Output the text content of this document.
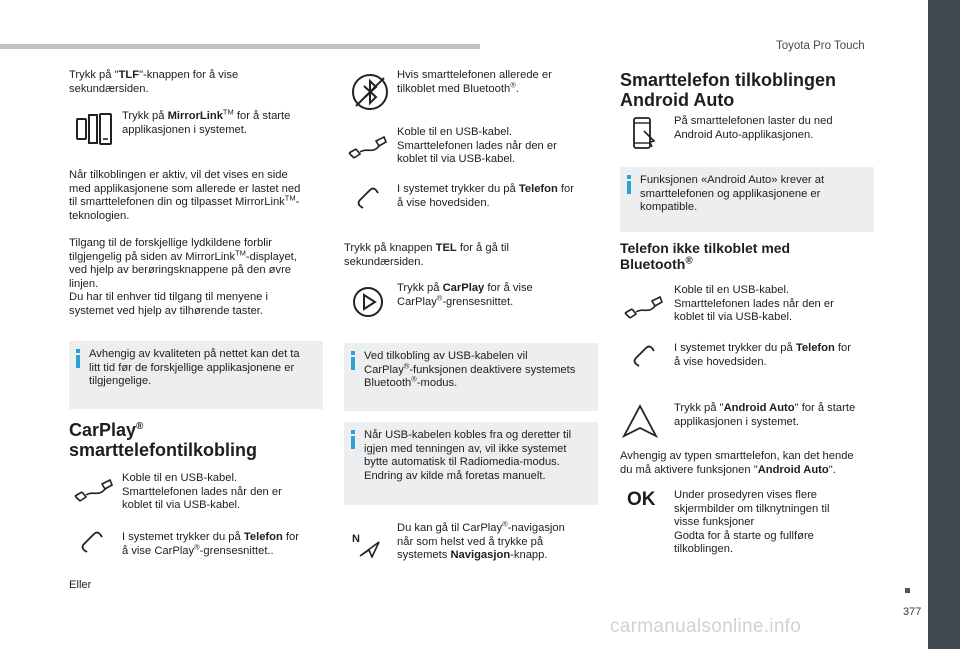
Toyota Pro Touch
377
carmanualsonline.info
Trykk på "TLF"-knappen for å vise
sekundærsiden.
Trykk på MirrorLink™ for å starte
applikasjonen i systemet.
Når tilkoblingen er aktiv, vil det vises en side
med applikasjonene som allerede er lastet ned
til smarttelefonen din og tilpasset MirrorLink™-
teknologien.
Tilgang til de forskjellige lydkildene forblir
tilgjengelig på siden av MirrorLink™-displayet,
ved hjelp av berøringsknappene på den øvre
linjen.
Du har til enhver tid tilgang til menyene i
systemet ved hjelp av tilhørende taster.
Avhengig av kvaliteten på nettet kan det ta
litt tid før de forskjellige applikasjonene er
tilgjengelige.
CarPlay®
smarttelefontilkobling
Koble til en USB-kabel.
Smarttelefonen lades når den er
koblet til via USB-kabel.
I systemet trykker du på Telefon for
å vise CarPlay®-grensesnittet..
Eller
Hvis smarttelefonen allerede er
tilkoblet med Bluetooth®.
Koble til en USB-kabel.
Smarttelefonen lades når den er
koblet til via USB-kabel.
I systemet trykker du på Telefon for
å vise hovedsiden.
Trykk på knappen TEL for å gå til
sekundærsiden.
Trykk på CarPlay for å vise
CarPlay®-grensesnittet.
Ved tilkobling av USB-kabelen vil
CarPlay®-funksjonen deaktivere systemets
Bluetooth®-modus.
Når USB-kabelen kobles fra og deretter til
igjen med tenningen av, vil ikke systemet
bytte automatisk til Radiomedia-modus.
Endring av kilde må foretas manuelt.
N
Du kan gå til CarPlay®-navigasjon
når som helst ved å trykke på
systemets Navigasjon-knapp.
Smarttelefon tilkoblingen
Android Auto
På smarttelefonen laster du ned
Android Auto-applikasjonen.
Funksjonen «Android Auto» krever at
smarttelefonen og applikasjonene er
kompatible.
Telefon ikke tilkoblet med
Bluetooth®
Koble til en USB-kabel.
Smarttelefonen lades når den er
koblet til via USB-kabel.
I systemet trykker du på Telefon for
å vise hovedsiden.
Trykk på "Android Auto" for å starte
applikasjonen i systemet.
Avhengig av typen smarttelefon, kan det hende
du må aktivere funksjonen "Android Auto".
OK Under prosedyren vises flere
skjermbilder om tilknytningen til
visse funksjoner
Godta for å starte og fullføre
tilkoblingen.
